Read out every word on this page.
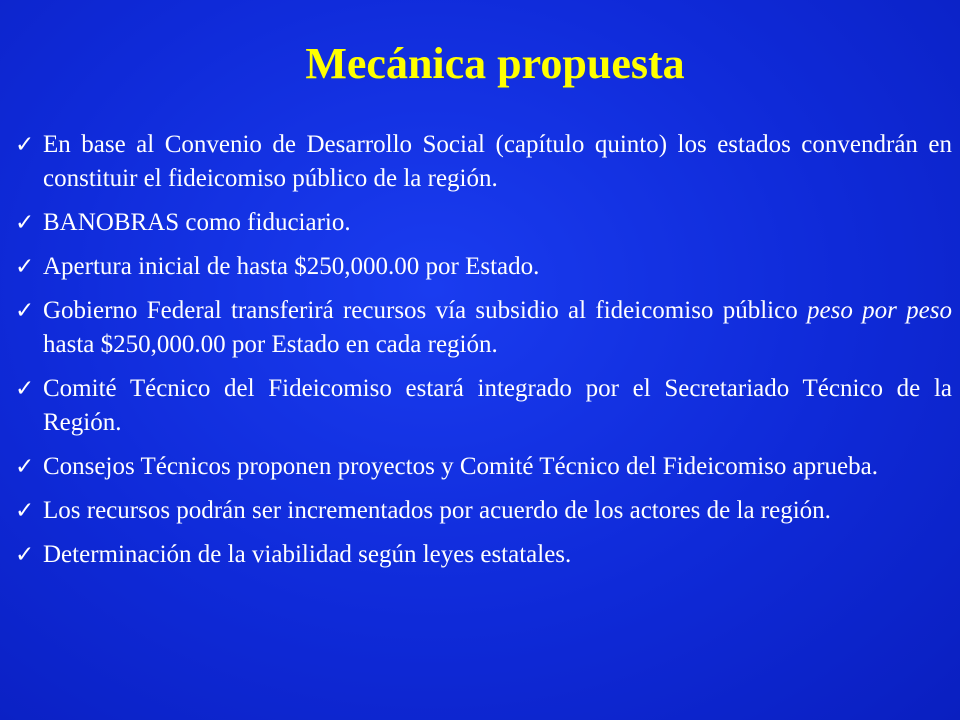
Mecánica propuesta
✓ En base al Convenio de Desarrollo Social (capítulo quinto) los estados convendrán en constituir el fideicomiso público de la región.
✓ BANOBRAS como fiduciario.
✓ Apertura inicial de hasta $250,000.00 por Estado.
✓ Gobierno Federal transferirá recursos vía subsidio al fideicomiso público peso por peso hasta $250,000.00 por Estado en cada región.
✓ Comité Técnico del Fideicomiso estará integrado por el Secretariado Técnico de la Región.
✓ Consejos Técnicos proponen proyectos y Comité Técnico del Fideicomiso aprueba.
✓ Los recursos podrán ser incrementados por acuerdo de los actores de la región.
✓ Determinación de la viabilidad según leyes estatales.
